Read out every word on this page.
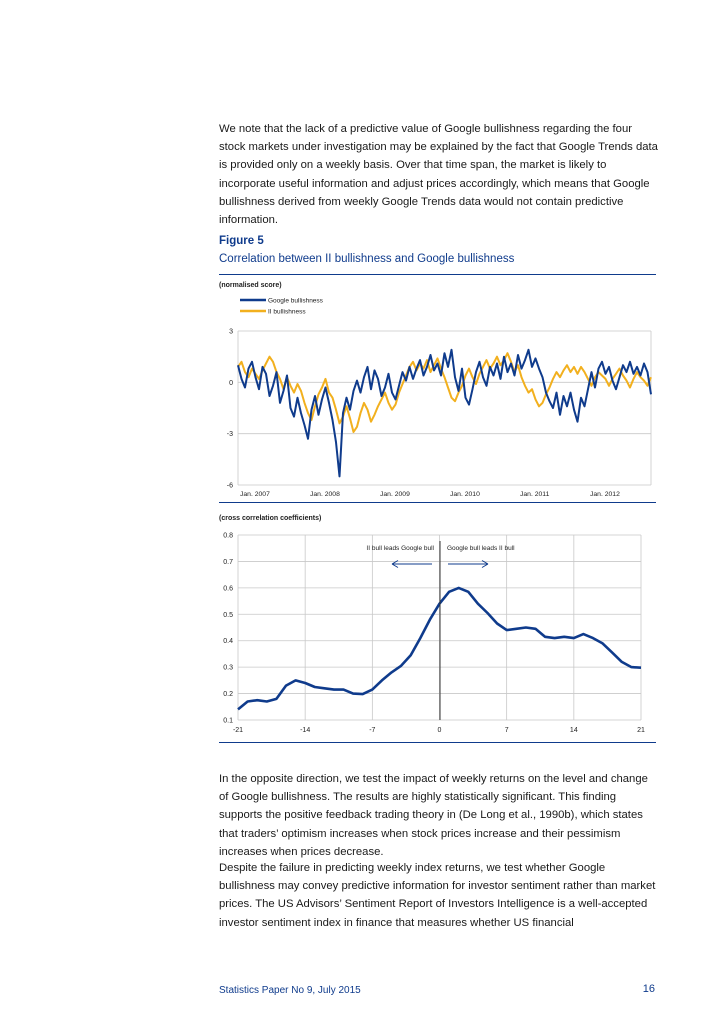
We note that the lack of a predictive value of Google bullishness regarding the four stock markets under investigation may be explained by the fact that Google Trends data is provided only on a weekly basis. Over that time span, the market is likely to incorporate useful information and adjust prices accordingly, which means that Google bullishness derived from weekly Google Trends data would not contain predictive information.

Figure 5
Correlation between II bullishness and Google bullishness
(normalised score)
Google bullishness
II bullishness
3
0
-3
-6
Jan. 2007	Jan. 2008	Jan. 2009	Jan. 2010	Jan. 2011	Jan. 2012
(cross correlation coefficients)
0.8
0.7
0.6
0.5
0.4
0.3
0.2
0.1
-21	-14	-7	0	7	14	21
II bull leads Google bull Google bull leads II bull

In the opposite direction, we test the impact of weekly returns on the level and change of Google bullishness. The results are highly statistically significant. This finding supports the positive feedback trading theory in (De Long et al., 1990b), which states that traders’ optimism increases when stock prices increase and their pessimism increases when prices decrease.

Despite the failure in predicting weekly index returns, we test whether Google bullishness may convey predictive information for investor sentiment rather than market prices. The US Advisors’ Sentiment Report of Investors Intelligence is a well-accepted investor sentiment index in finance that measures whether US financial

Statistics Paper No 9, July 2015	16
